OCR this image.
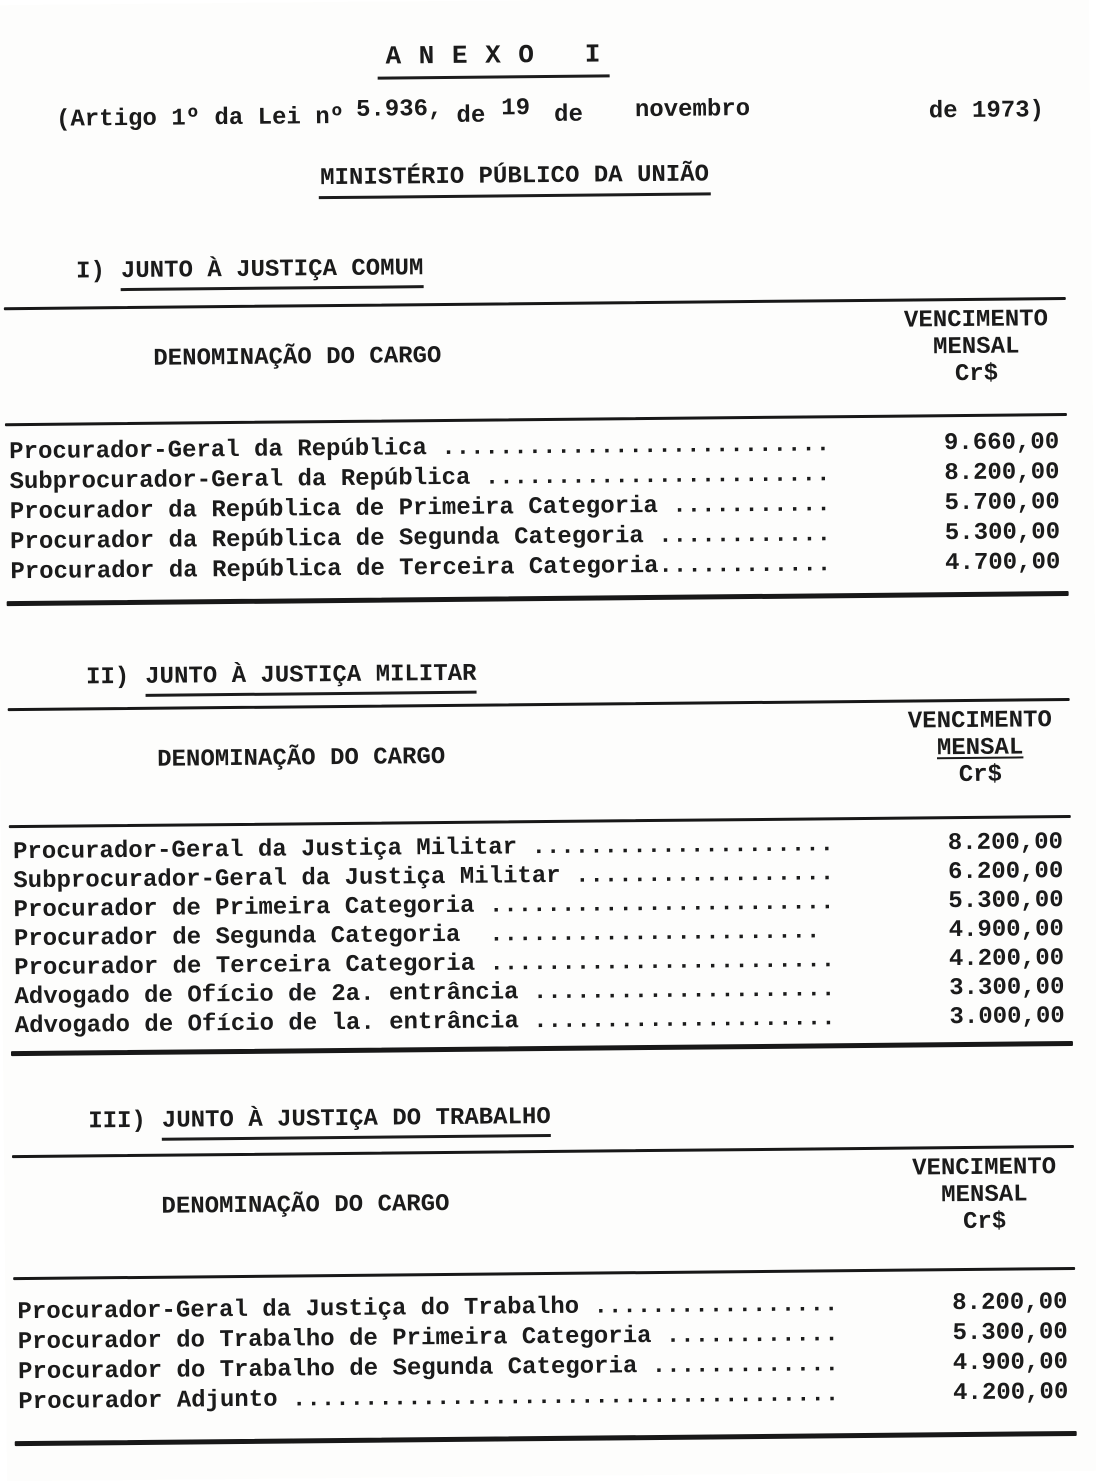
A N E X O   I
(Artigo 1º da Lei nº 5.936, de 19 de novembro	de 1973)
MINISTÉRIO PÚBLICO DA UNIÃO

I) JUNTO À JUSTIÇA COMUM

VENCIMENTO
MENSAL
Cr$
DENOMINAÇÃO DO CARGO
Procurador-Geral da República ...........................	9.660,00
Subprocurador-Geral da República ........................	8.200,00
Procurador da República de Primeira Categoria ...........	5.700,00
Procurador da República de Segunda Categoria ............	5.300,00
Procurador da República de Terceira Categoria............	4.700,00

II) JUNTO À JUSTIÇA MILITAR

VENCIMENTO
MENSAL
Cr$
DENOMINAÇÃO DO CARGO
Procurador-Geral da Justiça Militar .....................	8.200,00
Subprocurador-Geral da Justiça Militar ..................	6.200,00
Procurador de Primeira Categoria ........................	5.300,00
Procurador de Segunda Categoria  .......................	4.900,00
Procurador de Terceira Categoria ........................	4.200,00
Advogado de Ofício de 2a. entrância .....................	3.300,00
Advogado de Ofício de la. entrância .....................	3.000,00

III) JUNTO À JUSTIÇA DO TRABALHO

VENCIMENTO
MENSAL
Cr$
DENOMINAÇÃO DO CARGO
Procurador-Geral da Justiça do Trabalho .................	8.200,00
Procurador do Trabalho de Primeira Categoria ............	5.300,00
Procurador do Trabalho de Segunda Categoria .............	4.900,00
Procurador Adjunto ......................................	4.200,00
